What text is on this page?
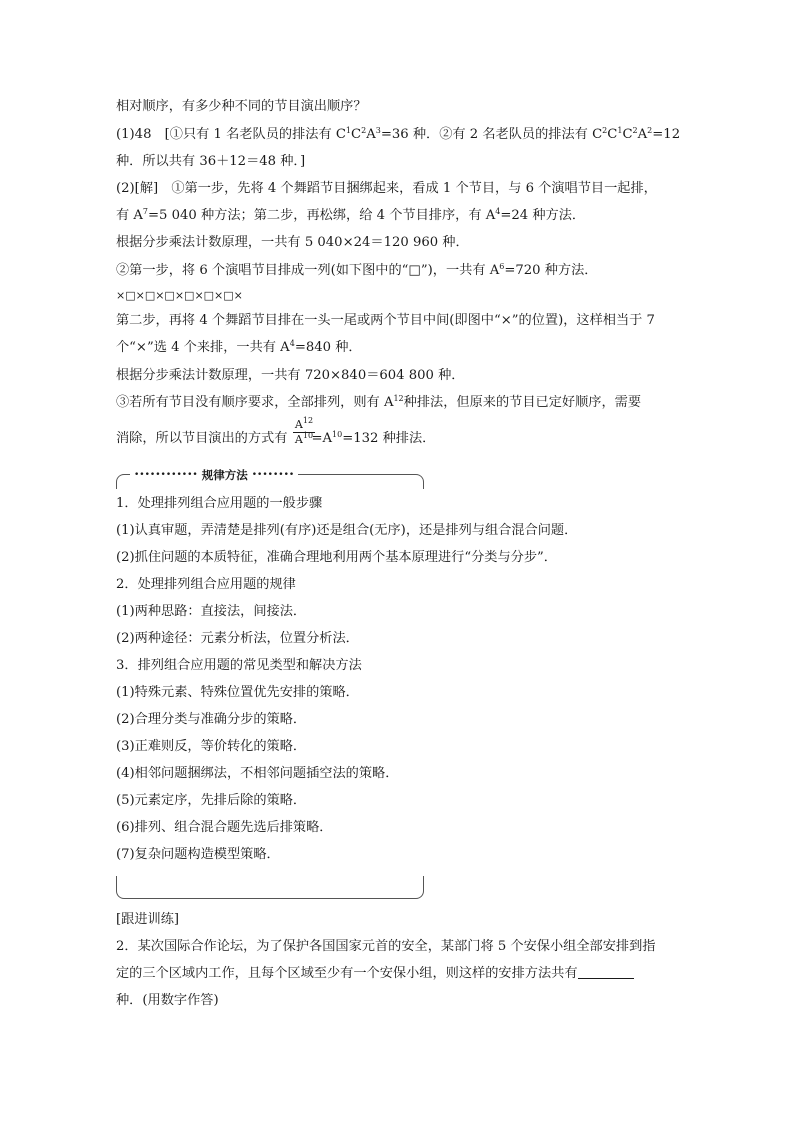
相对顺序，有多少种不同的节目演出顺序？
(1)48　[①只有 1 名老队员的排法有 $C^1C^2A^3=36$ 种．②有 2 名老队员的排法有 $C^2C^1C^2A^2=12$
种．所以共有 36＋12＝48 种．]
(2)[解]　①第一步，先将 4 个舞蹈节目捆绑起来，看成 1 个节目，与 6 个演唱节目一起排，
有 $A^7=5$ 040 种方法；第二步，再松绑，给 4 个节目排序，有 $A^4=24$ 种方法．
根据分步乘法计数原理，一共有 5 040×24＝120 960 种．
②第一步，将 6 个演唱节目排成一列(如下图中的“□”)，一共有 $A^6=720$ 种方法．
×□×□×□×□×□×□×
第二步，再将 4 个舞蹈节目排在一头一尾或两个节目中间(即图中“×”的位置)，这样相当于 7
个“×”选 4 个来排，一共有 $A^4=840$ 种．
根据分步乘法计数原理，一共有 720×840＝604 800 种．
③若所有节目没有顺序要求，全部排列，则有 $A^{12}$种排法，但原来的节目已定好顺序，需要
消除，所以节目演出的方式有 $=A^{10}=132$ 种排法．
$\frac{A^{12}}{A^{10}}$
•••••••••••• 规律方法 ••••••••
1．处理排列组合应用题的一般步骤
(1)认真审题，弄清楚是排列(有序)还是组合(无序)，还是排列与组合混合问题．
(2)抓住问题的本质特征，准确合理地利用两个基本原理进行“分类与分步”．
2．处理排列组合应用题的规律
(1)两种思路：直接法，间接法．
(2)两种途径：元素分析法，位置分析法．
3．排列组合应用题的常见类型和解决方法
(1)特殊元素、特殊位置优先安排的策略．
(2)合理分类与准确分步的策略．
(3)正难则反，等价转化的策略．
(4)相邻问题捆绑法，不相邻问题插空法的策略．
(5)元素定序，先排后除的策略．
(6)排列、组合混合题先选后排策略．
(7)复杂问题构造模型策略．
[跟进训练]
2．某次国际合作论坛，为了保护各国国家元首的安全，某部门将 5 个安保小组全部安排到指
定的三个区域内工作，且每个区域至少有一个安保小组，则这样的安排方法共有
种．(用数字作答)
